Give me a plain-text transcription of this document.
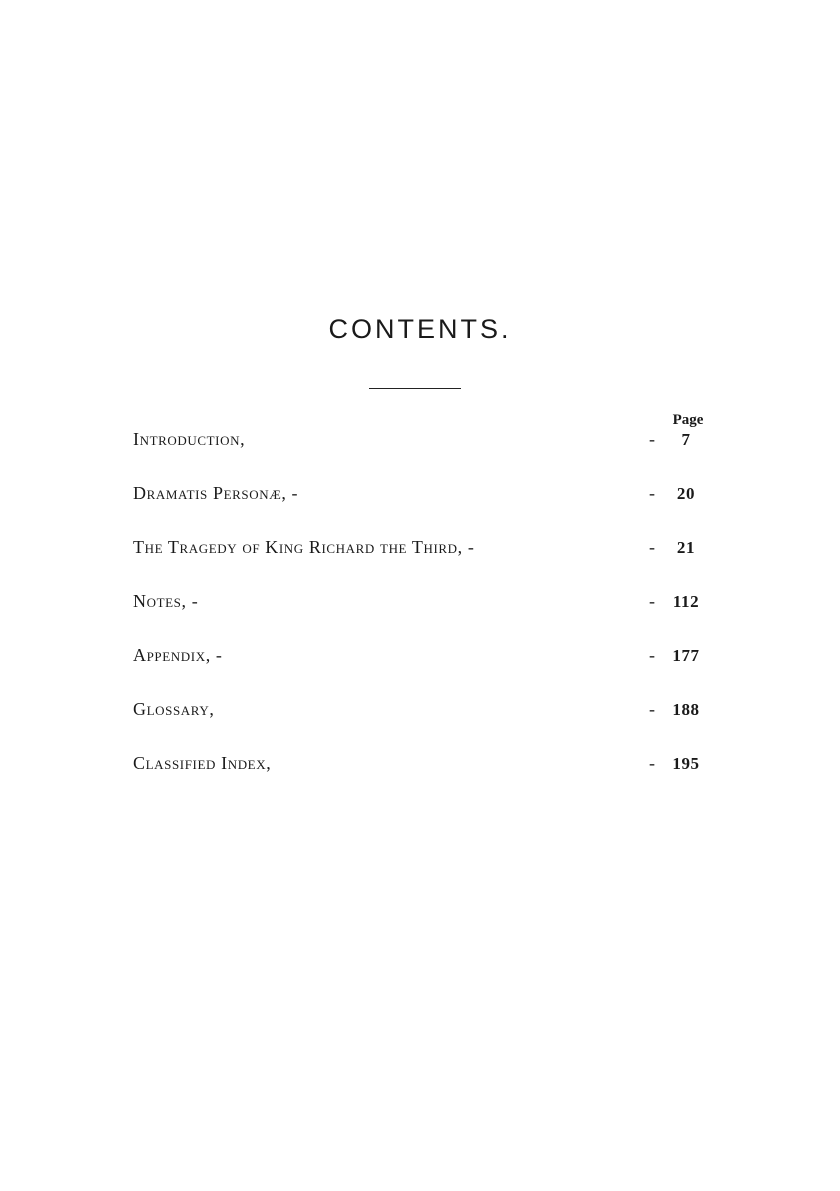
CONTENTS.
Page
Introduction,	-	7
Dramatis Personæ, -	-	20
The Tragedy of King Richard the Third, -	-	21
Notes, -	-	112
Appendix, -	- 177
Glossary,	- 188
Classified Index,	- 195
